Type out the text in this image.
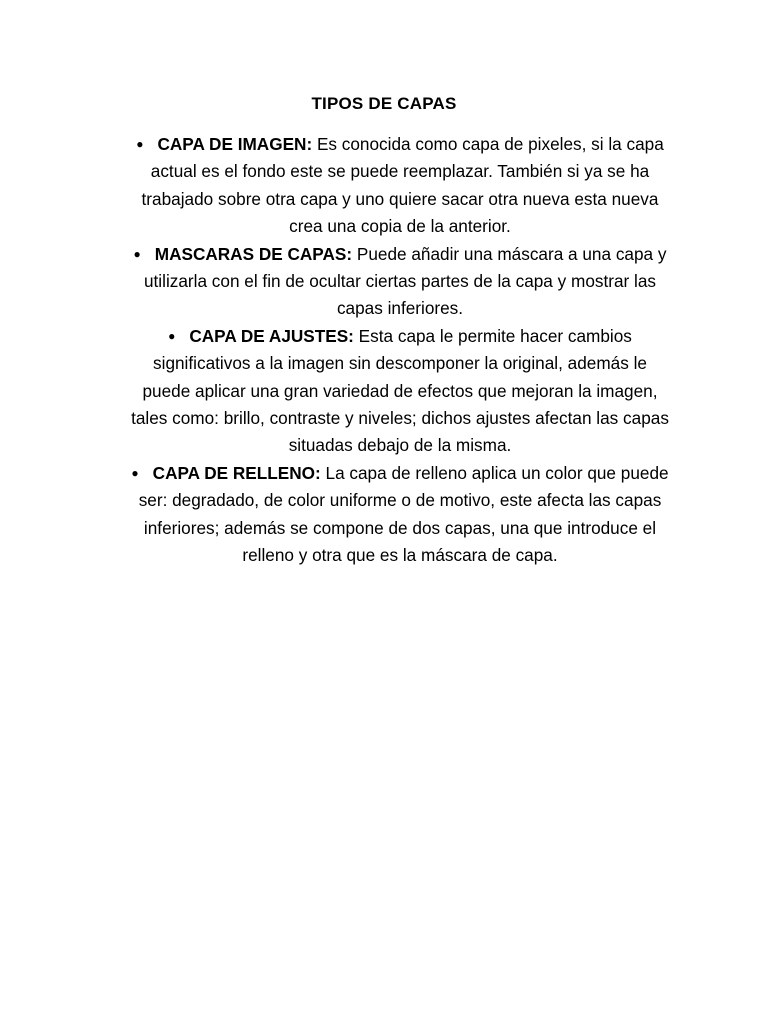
TIPOS DE CAPAS

● CAPA DE IMAGEN: Es conocida como capa de pixeles, si la capa actual es el fondo este se puede reemplazar. También si ya se ha trabajado sobre otra capa y uno quiere sacar otra nueva esta nueva crea una copia de la anterior.

● MASCARAS DE CAPAS: Puede añadir una máscara a una capa y utilizarla con el fin de ocultar ciertas partes de la capa y mostrar las capas inferiores.

● CAPA DE AJUSTES: Esta capa le permite hacer cambios significativos a la imagen sin descomponer la original, además le puede aplicar una gran variedad de efectos que mejoran la imagen, tales como: brillo, contraste y niveles; dichos ajustes afectan las capas situadas debajo de la misma.

● CAPA DE RELLENO: La capa de relleno aplica un color que puede ser: degradado, de color uniforme o de motivo, este afecta las capas inferiores; además se compone de dos capas, una que introduce el relleno y otra que es la máscara de capa.
